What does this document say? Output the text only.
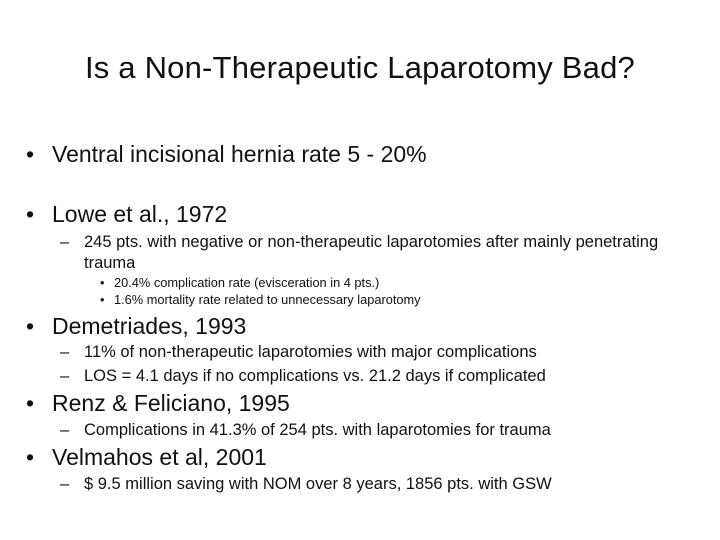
Is a Non-Therapeutic Laparotomy Bad?
• Ventral incisional hernia rate 5 - 20%
• Lowe et al., 1972
– 245 pts. with negative or non-therapeutic laparotomies after mainly penetrating trauma
• 20.4% complication rate (evisceration in 4 pts.)
• 1.6% mortality rate related to unnecessary laparotomy
• Demetriades, 1993
– 11% of non-therapeutic laparotomies with major complications
– LOS = 4.1 days if no complications vs. 21.2 days if complicated
• Renz & Feliciano, 1995
– Complications in 41.3% of 254 pts. with laparotomies for trauma
• Velmahos et al, 2001
– $ 9.5 million saving with NOM over 8 years, 1856 pts. with GSW
